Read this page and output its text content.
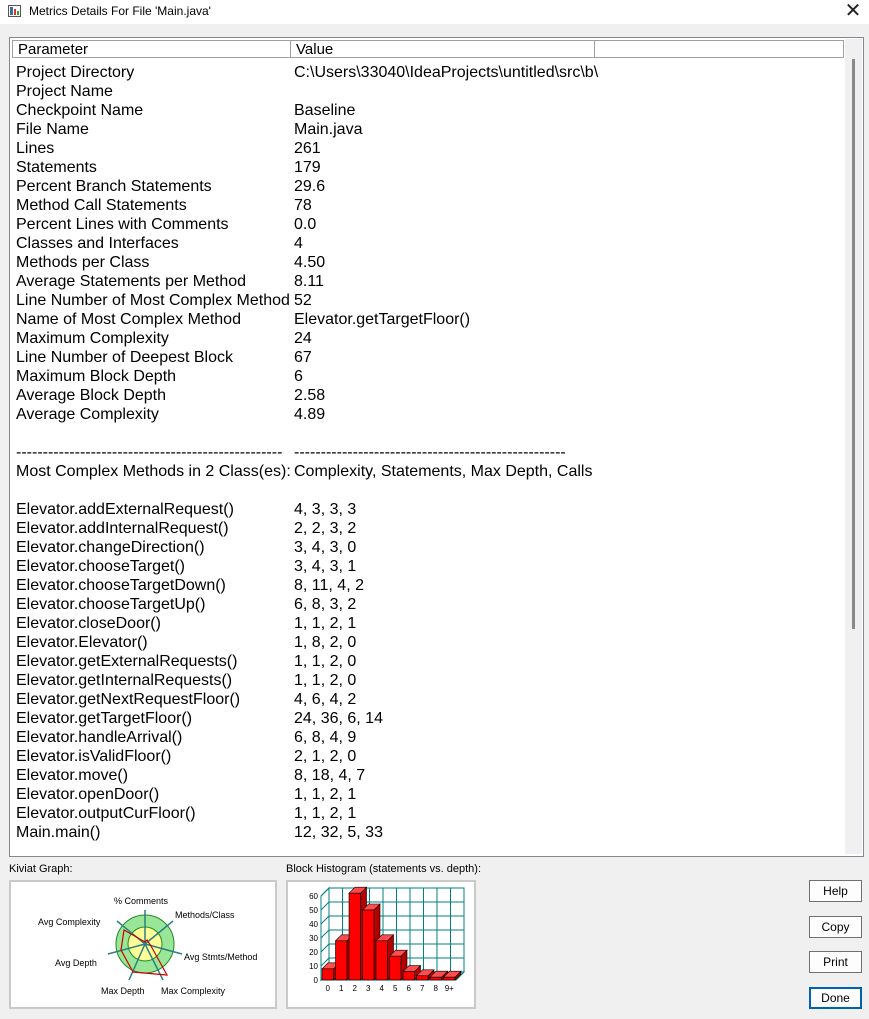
Metrics Details For File 'Main.java'	✕
Parameter	Value
Project Directory	C:\Users\33040\IdeaProjects\untitled\src\b\
Project Name
Checkpoint Name	Baseline
File Name	Main.java
Lines	261
Statements	179
Percent Branch Statements	29.6
Method Call Statements	78
Percent Lines with Comments	0.0
Classes and Interfaces	4
Methods per Class	4.50
Average Statements per Method	8.11
Line Number of Most Complex Method 52
Name of Most Complex Method	Elevator.getTargetFloor()
Maximum Complexity	24
Line Number of Deepest Block	67
Maximum Block Depth	6
Average Block Depth	2.58
Average Complexity	4.89
-------------------------------------------------- ---------------------------------------------------
Most Complex Methods in 2 Class(es): Complexity, Statements, Max Depth, Calls
Elevator.addExternalRequest()	4, 3, 3, 3
Elevator.addInternalRequest()	2, 2, 3, 2
Elevator.changeDirection()	3, 4, 3, 0
Elevator.chooseTarget()	3, 4, 3, 1
Elevator.chooseTargetDown()	8, 11, 4, 2
Elevator.chooseTargetUp()	6, 8, 3, 2
Elevator.closeDoor()	1, 1, 2, 1
Elevator.Elevator()	1, 8, 2, 0
Elevator.getExternalRequests()	1, 1, 2, 0
Elevator.getInternalRequests()	1, 1, 2, 0
Elevator.getNextRequestFloor()	4, 6, 4, 2
Elevator.getTargetFloor()	24, 36, 6, 14
Elevator.handleArrival()	6, 8, 4, 9
Elevator.isValidFloor()	2, 1, 2, 0
Elevator.move()	8, 18, 4, 7
Elevator.openDoor()	1, 1, 2, 1
Elevator.outputCurFloor()	1, 1, 2, 1
Main.main()	12, 32, 5, 33
Kiviat Graph:
% Comments
Methods/Class
Avg Stmts/Method
Max Complexity
Max Depth
Avg Depth
Avg Complexity
Block Histogram (statements vs. depth):
0
10
20
30
40
50
60
0 1 2 3 4 5 6 7 8 9+
Help
Copy
Print
Done
